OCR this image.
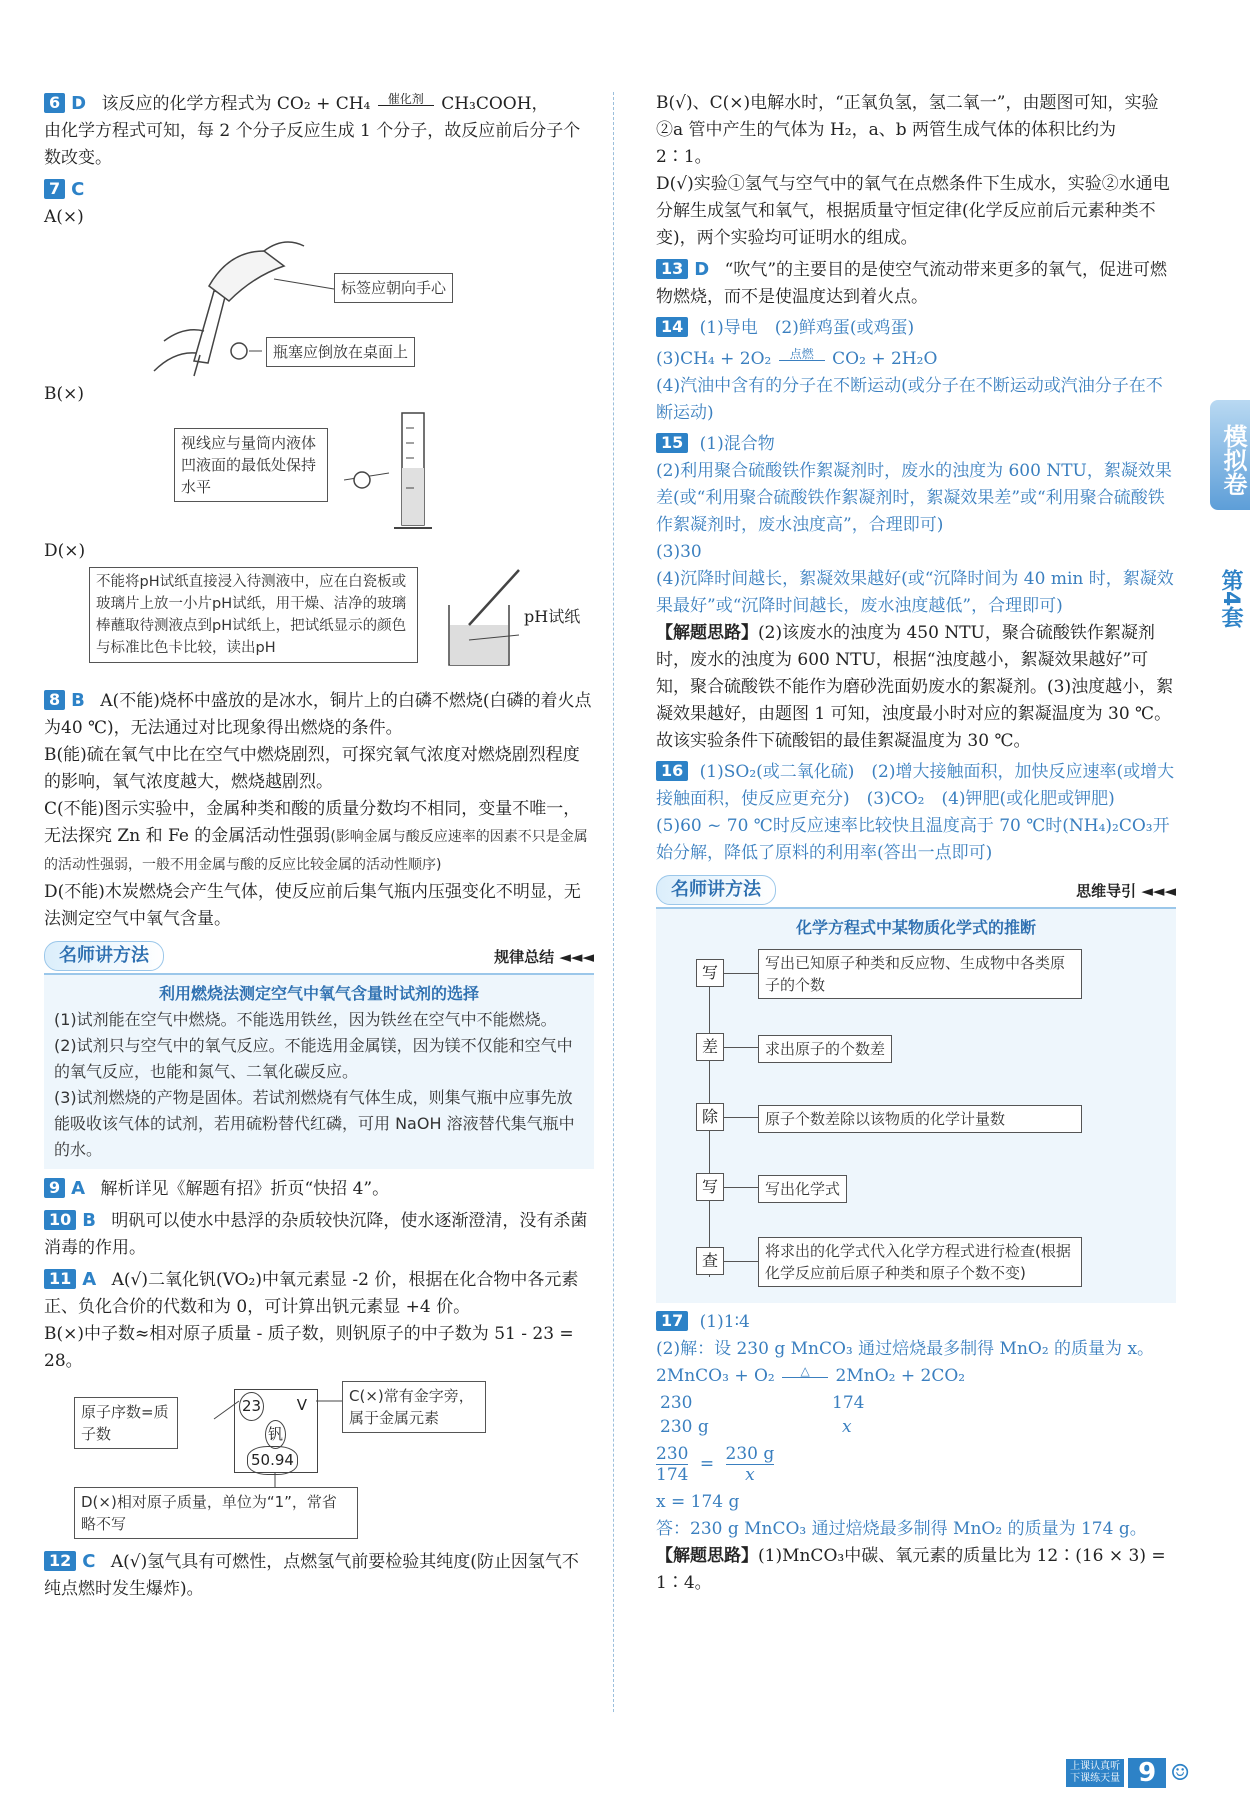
模拟卷
第4套
6 D 该反应的化学方程式为 CO₂ + CH₄	催化剂	CH₃COOH，
由化学方程式可知，每 2 个分子反应生成 1 个分子，故反应前后分子个数改变。
7 C
A(×)
标签应朝向手心
瓶塞应倒放在桌面上
B(×)
视线应与量筒内液体凹液面的最低处保持水平
D(×)
不能将pH试纸直接浸入待测液中，应在白瓷板或玻璃片上放一小片pH试纸，用干燥、洁净的玻璃棒蘸取待测液点到pH试纸上，把试纸显示的颜色与标准比色卡比较，读出pH
pH试纸
8 B A(不能)烧杯中盛放的是冰水，铜片上的白磷不燃烧(白磷的着火点为40 ℃)，无法通过对比现象得出燃烧的条件。
B(能)硫在氧气中比在空气中燃烧剧烈，可探究氧气浓度对燃烧剧烈程度的影响，氧气浓度越大，燃烧越剧烈。
C(不能)图示实验中，金属种类和酸的质量分数均不相同，变量不唯一，无法探究 Zn 和 Fe 的金属活动性强弱(影响金属与酸反应速率的因素不只是金属的活动性强弱，一般不用金属与酸的反应比较金属的活动性顺序)
D(不能)木炭燃烧会产生气体，使反应前后集气瓶内压强变化不明显，无法测定空气中氧气含量。
名师讲方法	规律总结 ◄◄◄
利用燃烧法测定空气中氧气含量时试剂的选择
(1)试剂能在空气中燃烧。不能选用铁丝，因为铁丝在空气中不能燃烧。
(2)试剂只与空气中的氧气反应。不能选用金属镁，因为镁不仅能和空气中的氧气反应，也能和氮气、二氧化碳反应。
(3)试剂燃烧的产物是固体。若试剂燃烧有气体生成，则集气瓶中应事先放能吸收该气体的试剂，若用硫粉替代红磷，可用 NaOH 溶液替代集气瓶中的水。
9 A 解析详见《解题有招》折页“快招 4”。
10 B 明矾可以使水中悬浮的杂质较快沉降，使水逐渐澄清，没有杀菌消毒的作用。
11 A A(√)二氧化钒(VO₂)中氧元素显 -2 价，根据在化合物中各元素正、负化合价的代数和为 0，可计算出钒元素显 +4 价。
B(×)中子数≈相对原子质量 - 质子数，则钒原子的中子数为 51 - 23 = 28。
原子序数=质子数
23 V
钒
50.94
C(×)常有金字旁，属于金属元素
D(×)相对原子质量，单位为“1”，常省略不写
12 C A(√)氢气具有可燃性，点燃氢气前要检验其纯度(防止因氢气不纯点燃时发生爆炸)。
B(√)、C(×)电解水时，“正氧负氢，氢二氧一”，由题图可知，实验②a 管中产生的气体为 H₂，a、b 两管生成气体的体积比约为 2∶1。
D(√)实验①氢气与空气中的氧气在点燃条件下生成水，实验②水通电分解生成氢气和氧气，根据质量守恒定律(化学反应前后元素种类不变)，两个实验均可证明水的组成。
13 D “吹气”的主要目的是使空气流动带来更多的氧气，促进可燃物燃烧，而不是使温度达到着火点。
14 (1)导电　(2)鲜鸡蛋(或鸡蛋)
(3)CH₄ + 2O₂	点燃	CO₂ + 2H₂O
(4)汽油中含有的分子在不断运动(或分子在不断运动或汽油分子在不断运动)
15 (1)混合物
(2)利用聚合硫酸铁作絮凝剂时，废水的浊度为 600 NTU，絮凝效果差(或“利用聚合硫酸铁作絮凝剂时，絮凝效果差”或“利用聚合硫酸铁作絮凝剂时，废水浊度高”，合理即可)
(3)30
(4)沉降时间越长，絮凝效果越好(或“沉降时间为 40 min 时，絮凝效果最好”或“沉降时间越长，废水浊度越低”，合理即可)
【解题思路】(2)该废水的浊度为 450 NTU，聚合硫酸铁作絮凝剂时，废水的浊度为 600 NTU，根据“浊度越小，絮凝效果越好”可知，聚合硫酸铁不能作为磨砂洗面奶废水的絮凝剂。(3)浊度越小，絮凝效果越好，由题图 1 可知，浊度最小时对应的絮凝温度为 30 ℃。故该实验条件下硫酸铝的最佳絮凝温度为 30 ℃。
16 (1)SO₂(或二氧化硫)　(2)增大接触面积，加快反应速率(或增大接触面积，使反应更充分)　(3)CO₂　(4)钾肥(或化肥或钾肥)
(5)60 ~ 70 ℃时反应速率比较快且温度高于 70 ℃时(NH₄)₂CO₃开始分解，降低了原料的利用率(答出一点即可)
名师讲方法	思维导引 ◄◄◄
化学方程式中某物质化学式的推断
写	写出已知原子种类和反应物、生成物中各类原子的个数
差	求出原子的个数差
除	原子个数差除以该物质的化学计量数
写	写出化学式
查	将求出的化学式代入化学方程式进行检查(根据化学反应前后原子种类和原子个数不变)
17 (1)1∶4
(2)解：设 230 g MnCO₃ 通过焙烧最多制得 MnO₂ 的质量为 x。
2MnCO₃ + O₂	△	2MnO₂ + 2CO₂
230	174
230 g	x
$\frac{230}{174} = \frac{230 g}{x}$
x = 174 g
答：230 g MnCO₃ 通过焙烧最多制得 MnO₂ 的质量为 174 g。
【解题思路】(1)MnCO₃中碳、氧元素的质量比为 12∶(16 × 3) = 1∶4。
上课认真听 下课练天量 9 ☺
